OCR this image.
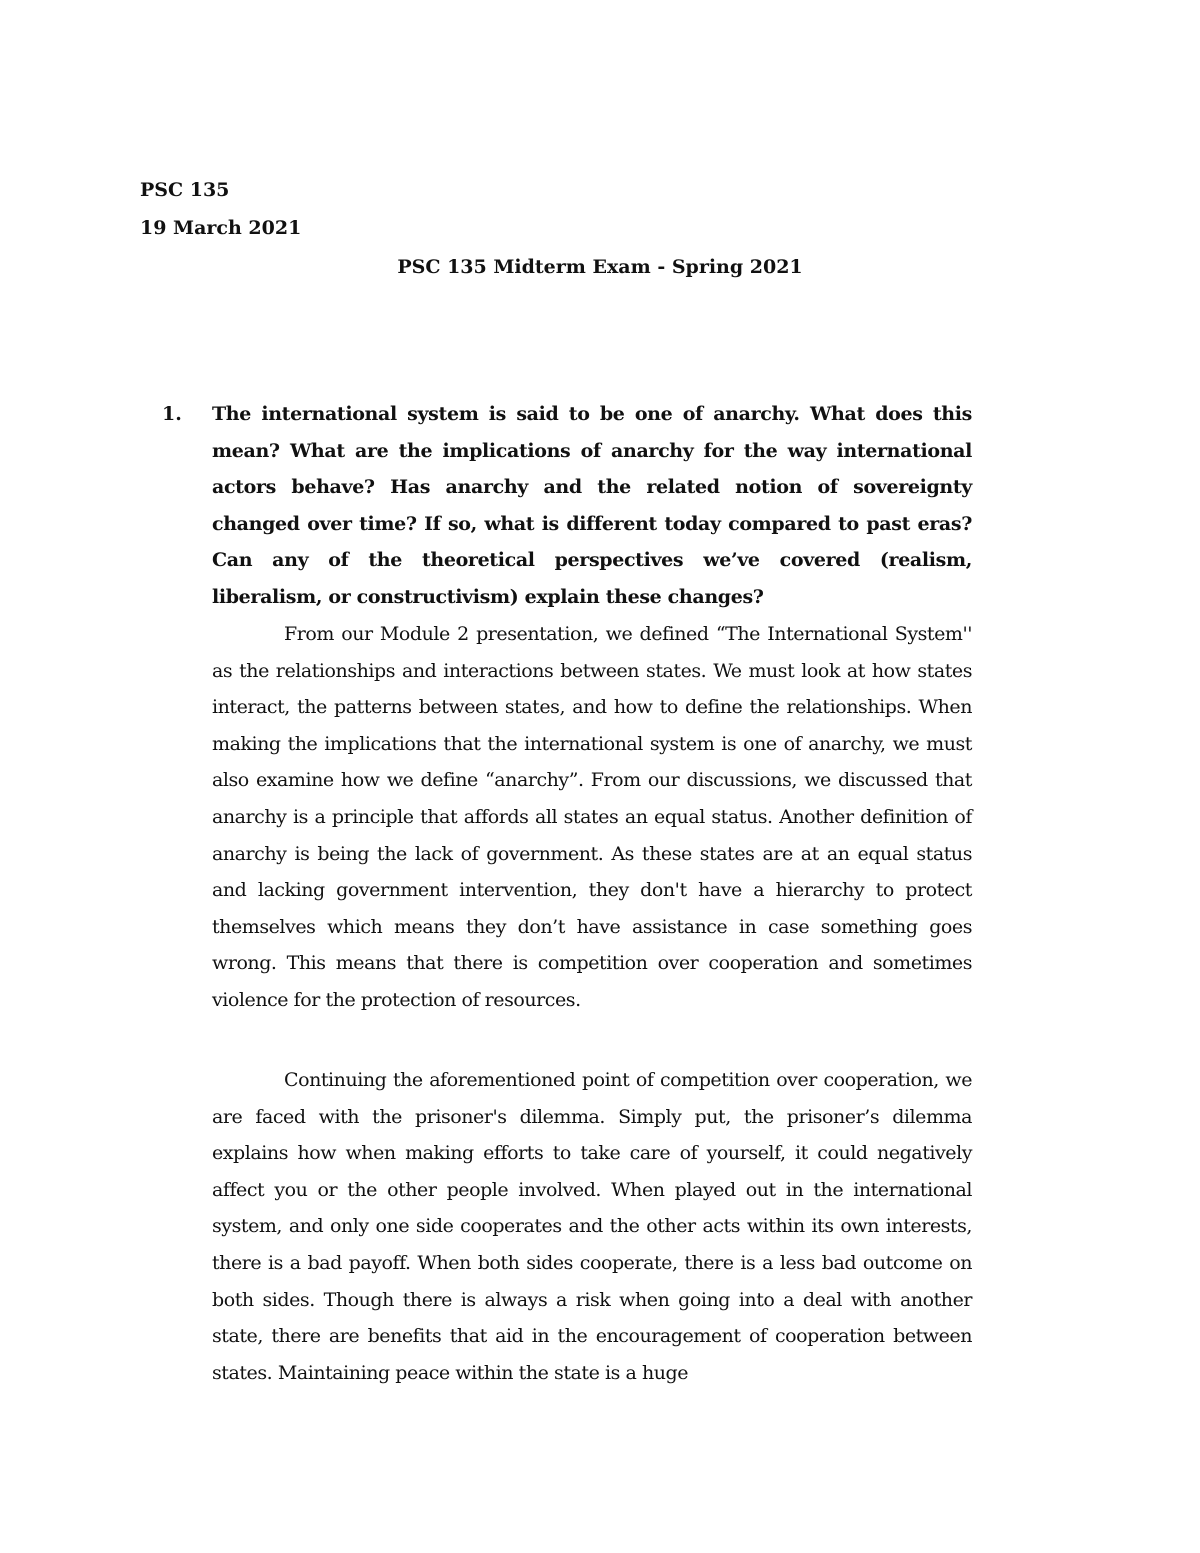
PSC 135
19 March 2021
PSC 135 Midterm Exam - Spring 2021
1. The international system is said to be one of anarchy. What does this mean? What are the implications of anarchy for the way international actors behave? Has anarchy and the related notion of sovereignty changed over time? If so, what is different today compared to past eras? Can any of the theoretical perspectives we’ve covered (realism, liberalism, or constructivism) explain these changes?

From our Module 2 presentation, we defined “The International System'' as the relationships and interactions between states. We must look at how states interact, the patterns between states, and how to define the relationships. When making the implications that the international system is one of anarchy, we must also examine how we define “anarchy”. From our discussions, we discussed that anarchy is a principle that affords all states an equal status. Another definition of anarchy is being the lack of government. As these states are at an equal status and lacking government intervention, they don't have a hierarchy to protect themselves which means they don’t have assistance in case something goes wrong. This means that there is competition over cooperation and sometimes violence for the protection of resources.

Continuing the aforementioned point of competition over cooperation, we are faced with the prisoner's dilemma. Simply put, the prisoner’s dilemma explains how when making efforts to take care of yourself, it could negatively affect you or the other people involved. When played out in the international system, and only one side cooperates and the other acts within its own interests, there is a bad payoff. When both sides cooperate, there is a less bad outcome on both sides. Though there is always a risk when going into a deal with another state, there are benefits that aid in the encouragement of cooperation between states. Maintaining peace within the state is a huge
